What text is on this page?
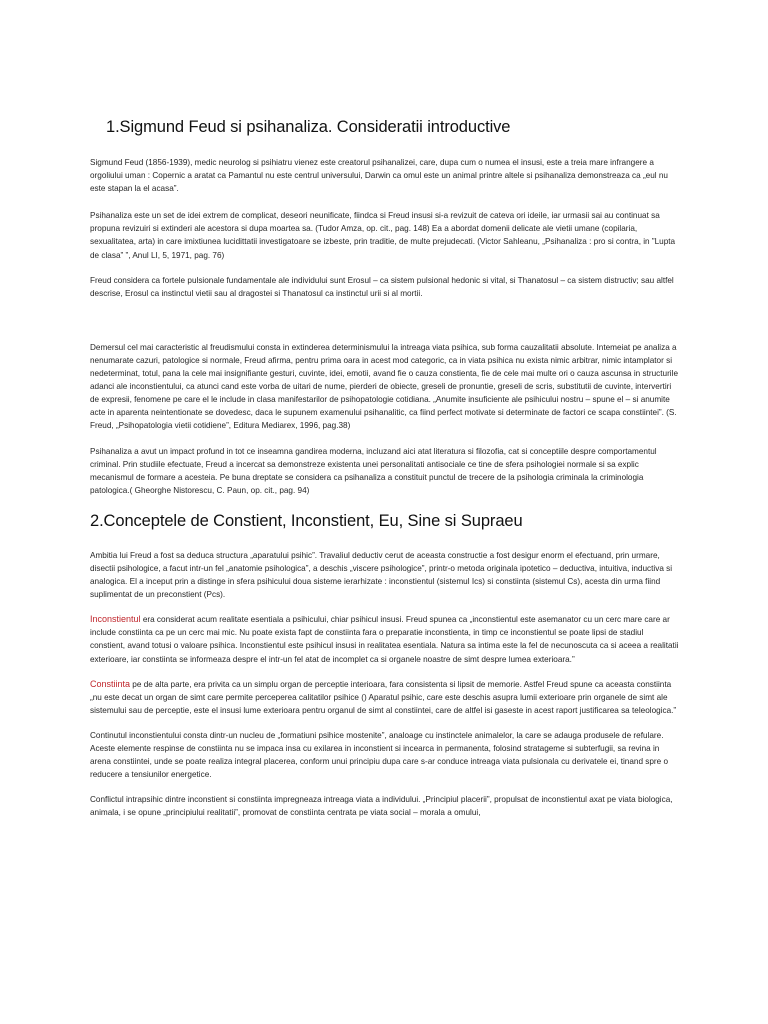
1.Sigmund Feud si psihanaliza. Consideratii introductive

Sigmund Feud (1856-1939), medic neurolog si psihiatru vienez este creatorul psihanalizei, care, dupa cum o numea el insusi, este a treia mare infrangere a orgoliului uman : Copernic a aratat ca Pamantul nu este centrul universului, Darwin ca omul este un animal printre altele si psihanaliza demonstreaza ca „eul nu este stapan la el acasa”.

Psihanaliza este un set de idei extrem de complicat, deseori neunificate, fiindca si Freud insusi si-a revizuit de cateva ori ideile, iar urmasii sai au continuat sa propuna revizuiri si extinderi ale acestora si dupa moartea sa. (Tudor Amza, op. cit., pag. 148) Ea a abordat domenii delicate ale vietii umane (copilaria, sexualitatea, arta) in care imixtiunea lucidittatii investigatoare se izbeste, prin traditie, de multe prejudecati. (Victor Sahleanu, „Psihanaliza : pro si contra, in ”Lupta de clasa” ”, Anul LI, 5, 1971, pag. 76)

Freud considera ca fortele pulsionale fundamentale ale individului sunt Erosul – ca sistem pulsional hedonic si vital, si Thanatosul – ca sistem distructiv; sau altfel descrise, Erosul ca instinctul vietii sau al dragostei si Thanatosul ca instinctul urii si al mortii.

Demersul cel mai caracteristic al freudismului consta in extinderea determinismului la intreaga viata psihica, sub forma cauzalitatii absolute. Intemeiat pe analiza a nenumarate cazuri, patologice si normale, Freud afirma, pentru prima oara in acest mod categoric, ca in viata psihica nu exista nimic arbitrar, nimic intamplator si nedeterminat, totul, pana la cele mai insignifiante gesturi, cuvinte, idei, emotii, avand fie o cauza constienta, fie de cele mai multe ori o cauza ascunsa in structurile adanci ale inconstientului, ca atunci cand este vorba de uitari de nume, pierderi de obiecte, greseli de pronuntie, greseli de scris, substitutii de cuvinte, intervertiri de expresii, fenomene pe care el le include in clasa manifestarilor de psihopatologie cotidiana. „Anumite insuficiente ale psihicului nostru – spune el – si anumite acte in aparenta neintentionate se dovedesc, daca le supunem examenului psihanalitic, ca fiind perfect motivate si determinate de factori ce scapa constiintei”. (S. Freud, „Psihopatologia vietii cotidiene”, Editura Mediarex, 1996, pag.38)

Psihanaliza a avut un impact profund in tot ce inseamna gandirea moderna, incluzand aici atat literatura si filozofia, cat si conceptiile despre comportamentul criminal. Prin studiile efectuate, Freud a incercat sa demonstreze existenta unei personalitati antisociale ce tine de sfera psihologiei normale si sa explic mecanismul de formare a acesteia. Pe buna dreptate se considera ca psihanaliza a constituit punctul de trecere de la psihologia criminala la criminologia patologica.( Gheorghe Nistorescu, C. Paun, op. cit., pag. 94)

2.Conceptele de Constient, Inconstient, Eu, Sine si Supraeu

Ambitia lui Freud a fost sa deduca structura „aparatului psihic”. Travaliul deductiv cerut de aceasta constructie a fost desigur enorm el efectuand, prin urmare, disectii psihologice, a facut intr-un fel „anatomie psihologica”, a deschis „viscere psihologice”, printr-o metoda originala ipotetico – deductiva, intuitiva, inductiva si analogica. El a inceput prin a distinge in sfera psihicului doua sisteme ierarhizate : inconstientul (sistemul Ics) si constiinta (sistemul Cs), acesta din urma fiind suplimentat de un preconstient (Pcs).

Inconstientul era considerat acum realitate esentiala a psihicului, chiar psihicul insusi. Freud spunea ca „inconstientul este asemanator cu un cerc mare care ar include constiinta ca pe un cerc mai mic. Nu poate exista fapt de constiinta fara o preparatie inconstienta, in timp ce inconstientul se poate lipsi de stadiul constient, avand totusi o valoare psihica. Inconstientul este psihicul insusi in realitatea esentiala. Natura sa intima este la fel de necunoscuta ca si aceea a realitatii exterioare, iar constiinta se informeaza despre el intr-un fel atat de incomplet ca si organele noastre de simt despre lumea exterioara.”

Constiinta pe de alta parte, era privita ca un simplu organ de perceptie interioara, fara consistenta si lipsit de memorie. Astfel Freud spune ca aceasta constiinta „nu este decat un organ de simt care permite perceperea calitatilor psihice () Aparatul psihic, care este deschis asupra lumii exterioare prin organele de simt ale sistemului sau de perceptie, este el insusi lume exterioara pentru organul de simt al constiintei, care de altfel isi gaseste in acest raport justificarea sa teleologica.”

Continutul inconstientului consta dintr-un nucleu de „formatiuni psihice mostenite”, analoage cu instinctele animalelor, la care se adauga produsele de refulare. Aceste elemente respinse de constiinta nu se impaca insa cu exilarea in inconstient si incearca in permanenta, folosind stratageme si subterfugii, sa revina in arena constiintei, unde se poate realiza integral placerea, conform unui principiu dupa care s-ar conduce intreaga viata pulsionala cu derivatele ei, tinand spre o reducere a tensiunilor energetice.

Conflictul intrapsihic dintre inconstient si constiinta impregneaza intreaga viata a individului. „Principiul placerii”, propulsat de inconstientul axat pe viata biologica, animala, i se opune „principiului realitatii”, promovat de constiinta centrata pe viata social – morala a omului,
